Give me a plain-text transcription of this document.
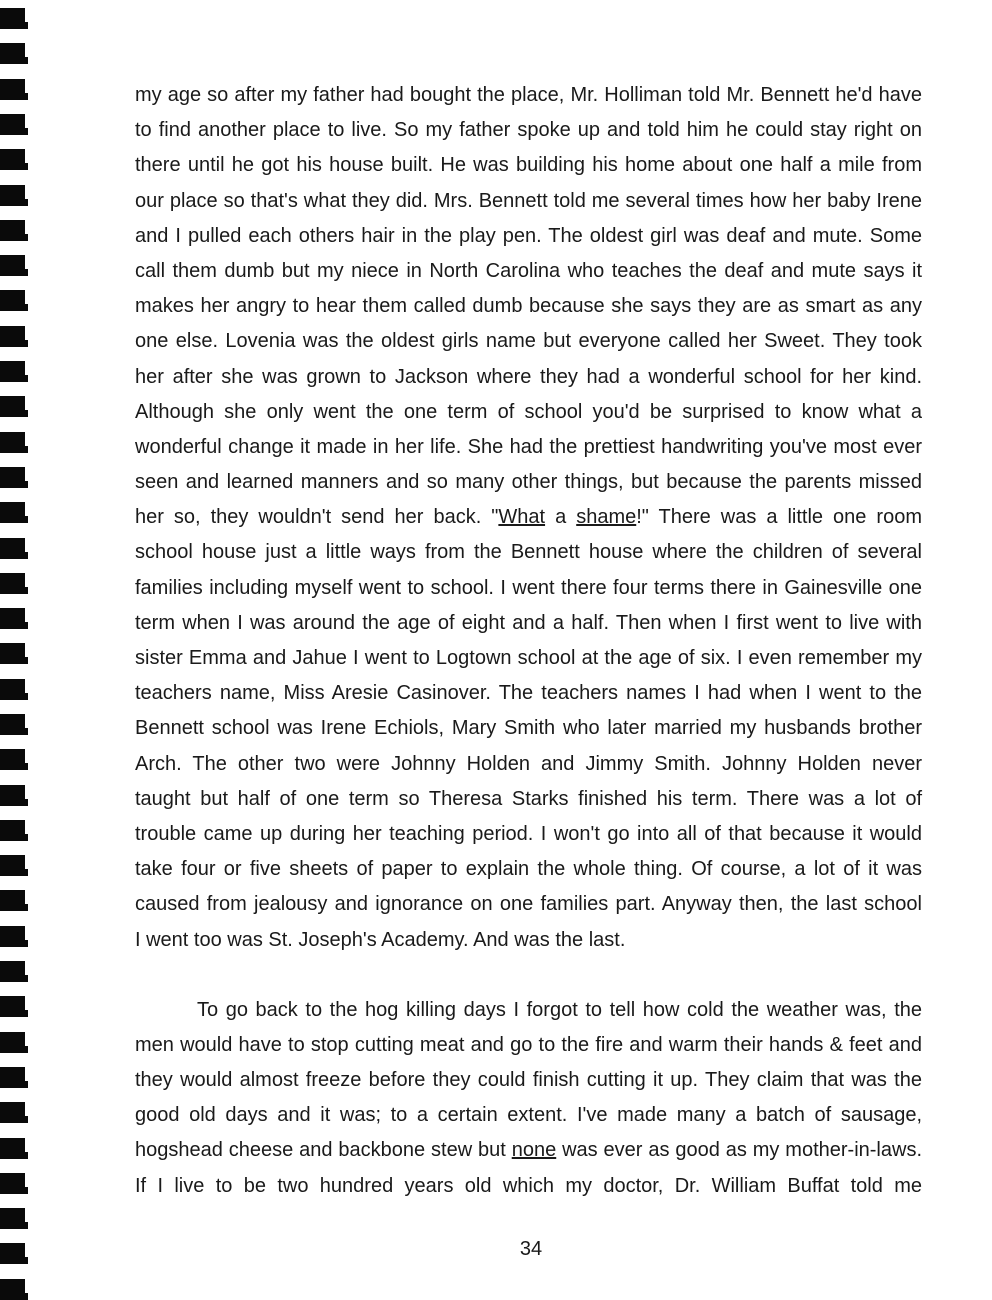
my age so after my father had bought the place, Mr. Holliman told Mr. Bennett he'd have
to find another place to live. So my father spoke up and told him he could stay right on
there until he got his house built. He was building his home about one half a mile from
our place so that's what they did. Mrs. Bennett told me several times how her baby Irene
and I pulled each others hair in the play pen. The oldest girl was deaf and mute. Some
call them dumb but my niece in North Carolina who teaches the deaf and mute says it
makes her angry to hear them called dumb because she says they are as smart as any
one else. Lovenia was the oldest girls name but everyone called her Sweet. They took
her after she was grown to Jackson where they had a wonderful school for her kind.
Although she only went the one term of school you'd be surprised to know what a
wonderful change it made in her life. She had the prettiest handwriting you've most ever
seen and learned manners and so many other things, but because the parents missed
her so, they wouldn't send her back. "What a shame!" There was a little one room
school house just a little ways from the Bennett house where the children of several
families including myself went to school. I went there four terms there in Gainesville one
term when I was around the age of eight and a half. Then when I first went to live with
sister Emma and Jahue I went to Logtown school at the age of six. I even remember my
teachers name, Miss Aresie Casinover. The teachers names I had when I went to the
Bennett school was Irene Echiols, Mary Smith who later married my husbands brother
Arch. The other two were Johnny Holden and Jimmy Smith. Johnny Holden never
taught but half of one term so Theresa Starks finished his term. There was a lot of
trouble came up during her teaching period. I won't go into all of that because it would
take four or five sheets of paper to explain the whole thing. Of course, a lot of it was
caused from jealousy and ignorance on one families part. Anyway then, the last school
I went too was St. Joseph's Academy. And was the last.
To go back to the hog killing days I forgot to tell how cold the weather was, the
men would have to stop cutting meat and go to the fire and warm their hands & feet and
they would almost freeze before they could finish cutting it up. They claim that was the
good old days and it was; to a certain extent. I've made many a batch of sausage,
hogshead cheese and backbone stew but none was ever as good as my mother-in-laws.
If I live to be two hundred years old which my doctor, Dr. William Buffat told me
34
